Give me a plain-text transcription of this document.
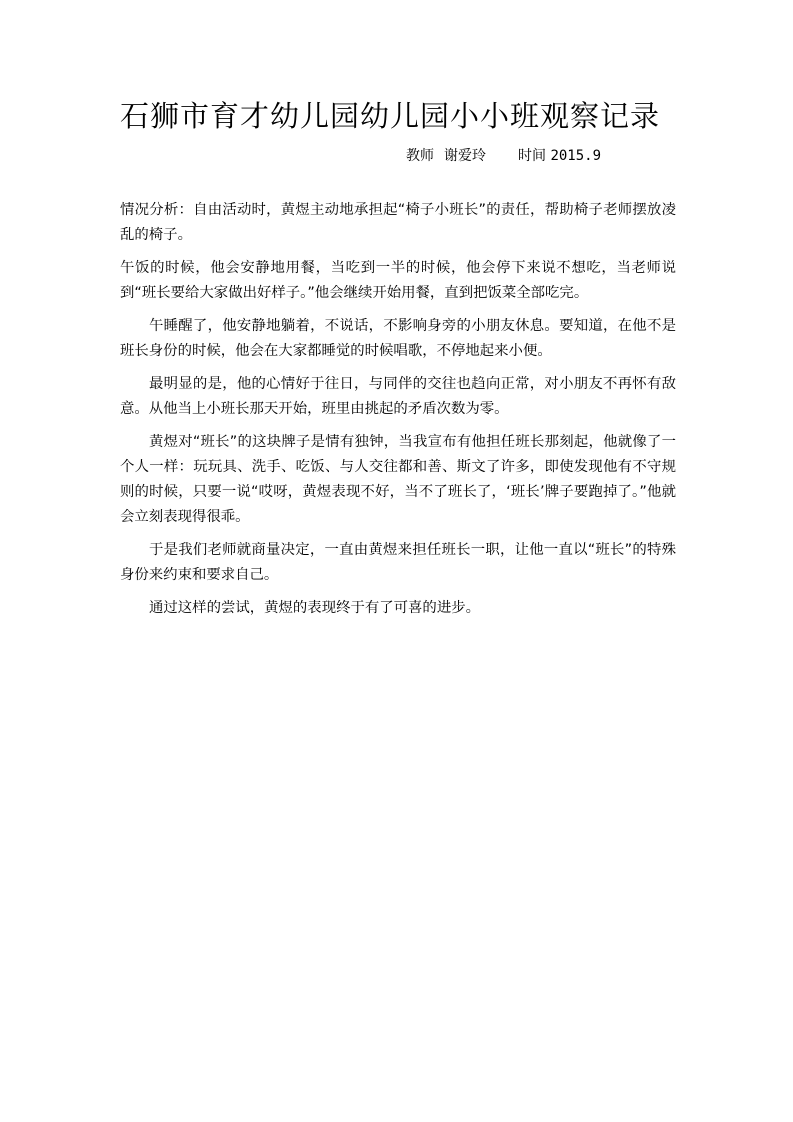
石狮市育才幼儿园幼儿园小小班观察记录
教师 谢爱玲 时间 2015.9

情况分析：自由活动时，黄煜主动地承担起“椅子小班长”的责任，帮助椅子老师摆放凌乱的椅子。

午饭的时候，他会安静地用餐，当吃到一半的时候，他会停下来说不想吃，当老师说到“班长要给大家做出好样子。”他会继续开始用餐，直到把饭菜全部吃完。

午睡醒了，他安静地躺着，不说话，不影响身旁的小朋友休息。要知道，在他不是班长身份的时候，他会在大家都睡觉的时候唱歌，不停地起来小便。

最明显的是，他的心情好于往日，与同伴的交往也趋向正常，对小朋友不再怀有敌意。从他当上小班长那天开始，班里由挑起的矛盾次数为零。

黄煜对“班长”的这块牌子是情有独钟，当我宣布有他担任班长那刻起，他就像了一个人一样：玩玩具、洗手、吃饭、与人交往都和善、斯文了许多，即使发现他有不守规则的时候，只要一说“哎呀，黄煜表现不好，当不了班长了，‘班长’牌子要跑掉了。”他就会立刻表现得很乖。

于是我们老师就商量决定，一直由黄煜来担任班长一职，让他一直以“班长”的特殊身份来约束和要求自己。

通过这样的尝试，黄煜的表现终于有了可喜的进步。
